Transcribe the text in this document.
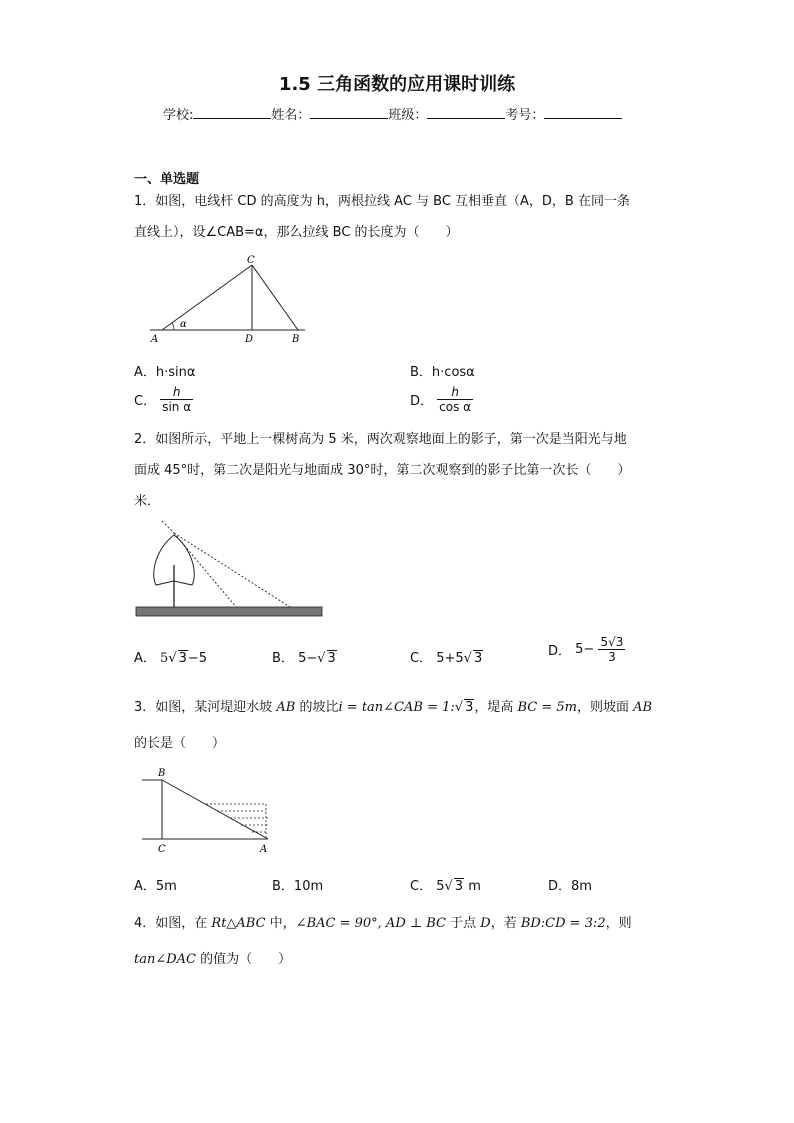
1.5 三角函数的应用课时训练
学校:	姓名：	班级：	考号：
一、单选题
1．如图，电线杆 CD 的高度为 h，两根拉线 AC 与 BC 互相垂直（A，D，B 在同一条
直线上），设∠CAB=α，那么拉线 BC 的长度为（　　）
C
A	D	B
α
A．h·sinα	B．h·cosα
C． $\frac{h}{\text{sin α}}$	D． $\frac{h}{\text{cos α}}$
2．如图所示，平地上一棵树高为 5 米，两次观察地面上的影子，第一次是当阳光与地
面成 45°时，第二次是阳光与地面成 30°时，第二次观察到的影子比第一次长（　　）
米．
A． 5√ 3−5	B． 5−√ 3	C． 5+5√ 3	D． $5- \frac{5√3}{3}$
3．如图，某河堤迎水坡 AB 的坡比i = tan∠CAB = 1:√ 3，堤高 BC = 5m，则坡面 AB
的长是（　　）
B
C	A
A．5m	B．10m	C． 5√ 3 m	D．8m
4．如图，在 Rt△ABC 中，∠BAC = 90°, AD ⊥ BC 于点 D，若 BD:CD = 3:2，则
tan∠DAC 的值为（　　）
